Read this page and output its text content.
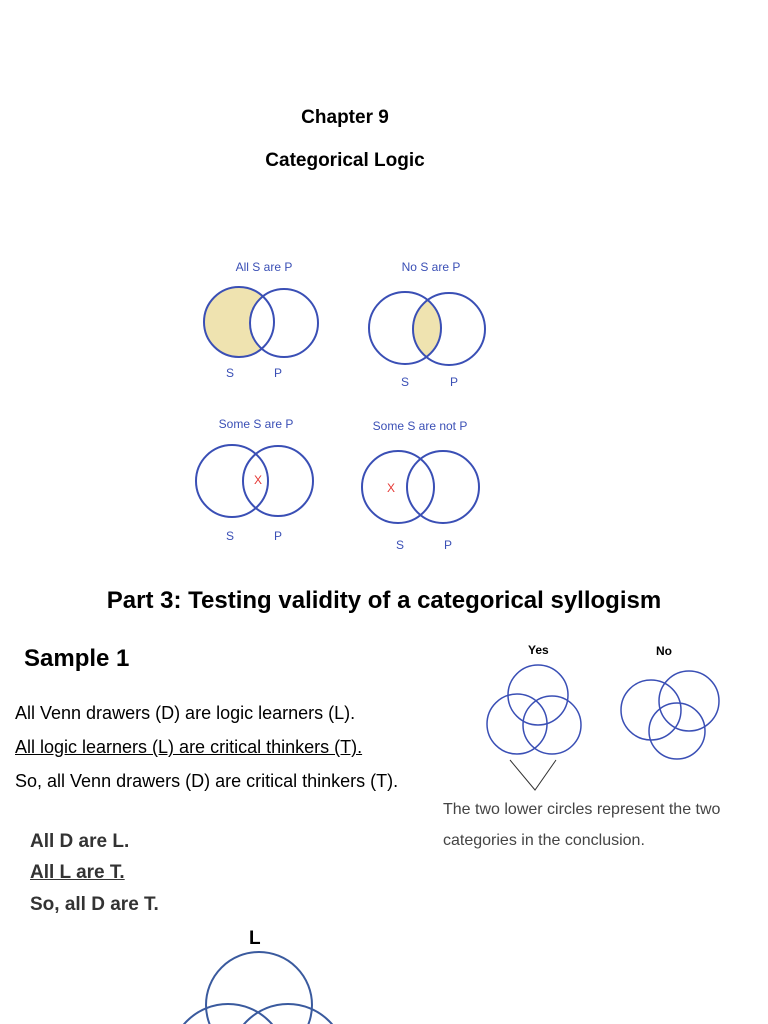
Chapter 9
Categorical Logic
All S are P
S	P
No S are P
S	P
Some S are P
X
S	P
Some S are not P
X
S	P
Part 3: Testing validity of a categorical syllogism
Sample 1
All Venn drawers (D) are logic learners (L).
All logic learners (L) are critical thinkers (T).
So, all Venn drawers (D) are critical thinkers (T).
All D are L.
All L are T.
So, all D are T.
L
Yes	No
The two lower circles represent the two
categories in the conclusion.
